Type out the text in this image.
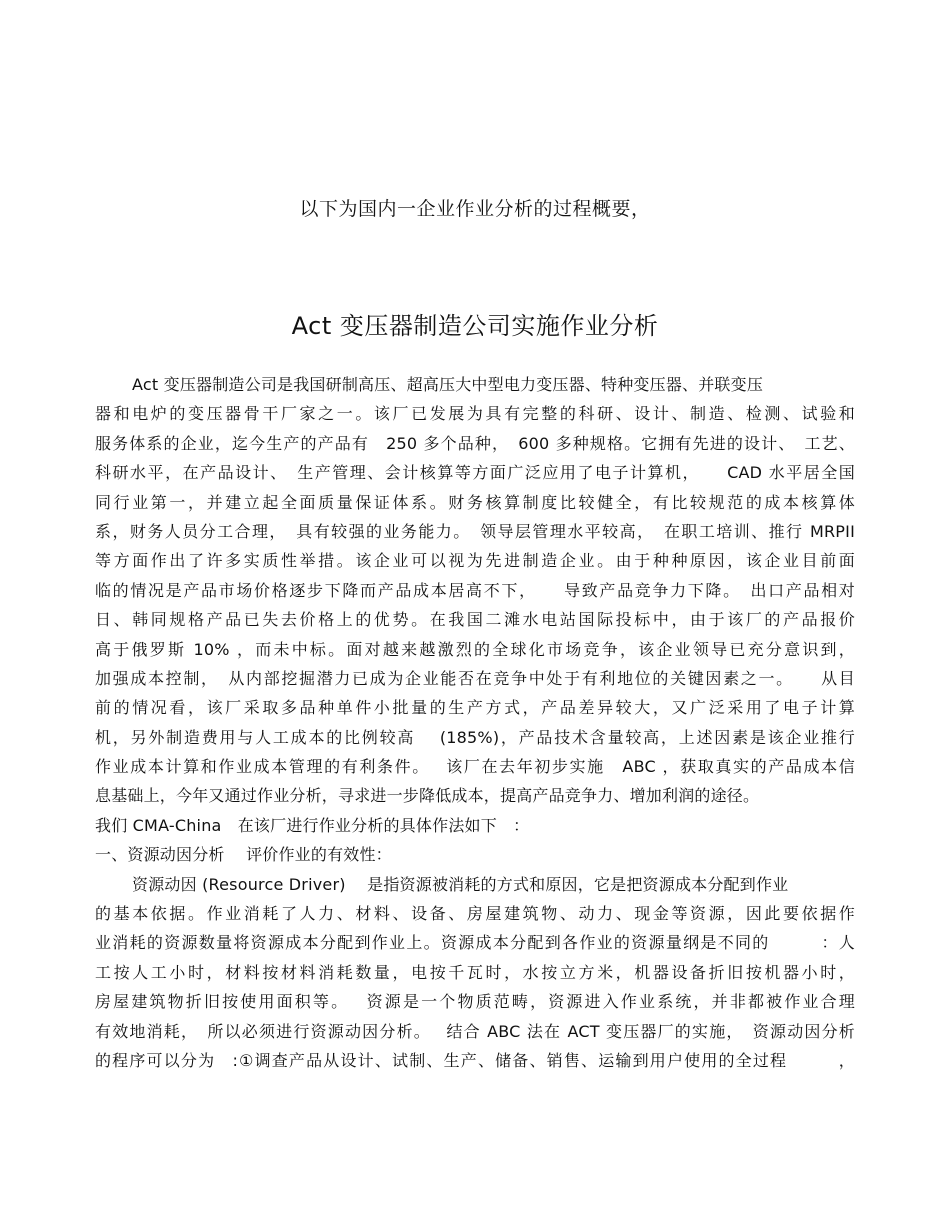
以下为国内一企业作业分析的过程概要，
Act 变压器制造公司实施作业分析
Act 变压器制造公司是我国研制高压、超高压大中型电力变压器、特种变压器、并联变压
器和电炉的变压器骨干厂家之一。该厂已发展为具有完整的科研、设计、制造、检测、试验和
服务体系的企业，迄今生产的产品有　250 多个品种，　600 多种规格。它拥有先进的设计、　工艺、
科研水平，在产品设计、　生产管理、会计核算等方面广泛应用了电子计算机，　　CAD 水平居全国
同行业第一，并建立起全面质量保证体系。财务核算制度比较健全，有比较规范的成本核算体
系，财务人员分工合理，　具有较强的业务能力。　领导层管理水平较高，　在职工培训、推行 MRPII
等方面作出了许多实质性举措。该企业可以视为先进制造企业。由于种种原因，该企业目前面
临的情况是产品市场价格逐步下降而产品成本居高不下，　　导致产品竞争力下降。　出口产品相对
日、韩同规格产品已失去价格上的优势。在我国二滩水电站国际投标中，由于该厂的产品报价
高于俄罗斯 10% ，而未中标。面对越来越激烈的全球化市场竞争，该企业领导已充分意识到，
加强成本控制，　从内部挖掘潜力已成为企业能否在竞争中处于有利地位的关键因素之一。　　从目
前的情况看，该厂采取多品种单件小批量的生产方式，产品差异较大，又广泛采用了电子计算
机，另外制造费用与人工成本的比例较高　 (185%)，产品技术含量较高，上述因素是该企业推行
作业成本计算和作业成本管理的有利条件。　 该厂在去年初步实施　ABC ，获取真实的产品成本信
息基础上，今年又通过作业分析，寻求进一步降低成本，提高产品竞争力、增加利润的途径。
我们 CMA-China　在该厂进行作业分析的具体作法如下　：
一、资源动因分析　 评价作业的有效性：
资源动因 (Resource Driver)　 是指资源被消耗的方式和原因，它是把资源成本分配到作业
的基本依据。作业消耗了人力、材料、设备、房屋建筑物、动力、现金等资源，因此要依据作
业消耗的资源数量将资源成本分配到作业上。资源成本分配到各作业的资源量纲是不同的　　　：人
工按人工小时，材料按材料消耗数量，电按千瓦时，水按立方米，机器设备折旧按机器小时，
房屋建筑物折旧按使用面积等。　 资源是一个物质范畴，资源进入作业系统，并非都被作业合理
有效地消耗，　所以必须进行资源动因分析。　 结合 ABC 法在 ACT 变压器厂的实施，　资源动因分析
的程序可以分为　:①调查产品从设计、试制、生产、储备、销售、运输到用户使用的全过程　　　，
